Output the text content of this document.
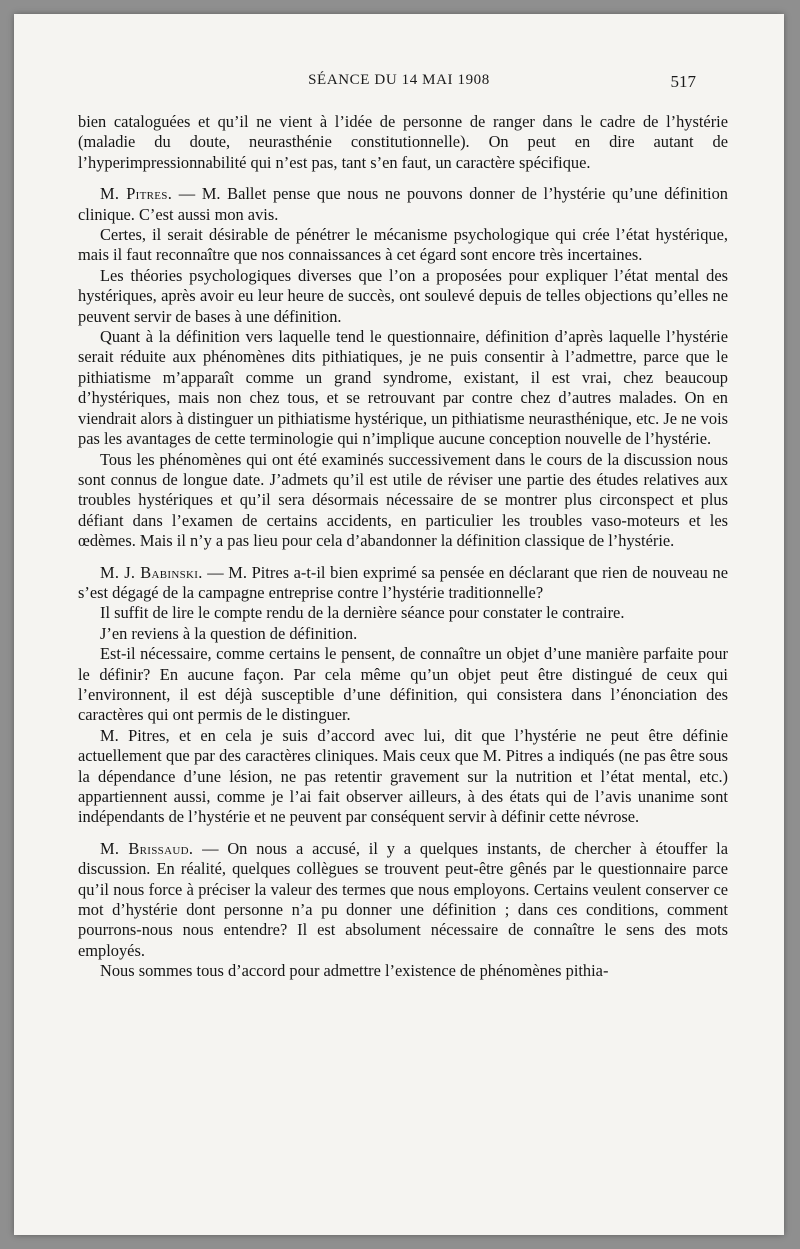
SÉANCE DU 14 MAI 1908	517

bien cataloguées et qu’il ne vient à l’idée de personne de ranger dans le cadre de l’hystérie (maladie du doute, neurasthénie constitutionnelle). On peut en dire autant de l’hyperimpressionnabilité qui n’est pas, tant s’en faut, un caractère spécifique.

M. Pitres. — M. Ballet pense que nous ne pouvons donner de l’hystérie qu’une définition clinique. C’est aussi mon avis.

Certes, il serait désirable de pénétrer le mécanisme psychologique qui crée l’état hystérique, mais il faut reconnaître que nos connaissances à cet égard sont encore très incertaines.

Les théories psychologiques diverses que l’on a proposées pour expliquer l’état mental des hystériques, après avoir eu leur heure de succès, ont soulevé depuis de telles objections qu’elles ne peuvent servir de bases à une définition.

Quant à la définition vers laquelle tend le questionnaire, définition d’après laquelle l’hystérie serait réduite aux phénomènes dits pithiatiques, je ne puis consentir à l’admettre, parce que le pithiatisme m’apparaît comme un grand syndrome, existant, il est vrai, chez beaucoup d’hystériques, mais non chez tous, et se retrouvant par contre chez d’autres malades. On en viendrait alors à distinguer un pithiatisme hystérique, un pithiatisme neurasthénique, etc. Je ne vois pas les avantages de cette terminologie qui n’implique aucune conception nouvelle de l’hystérie.

Tous les phénomènes qui ont été examinés successivement dans le cours de la discussion nous sont connus de longue date. J’admets qu’il est utile de réviser une partie des études relatives aux troubles hystériques et qu’il sera désormais nécessaire de se montrer plus circonspect et plus défiant dans l’examen de certains accidents, en particulier les troubles vaso-moteurs et les œdèmes. Mais il n’y a pas lieu pour cela d’abandonner la définition classique de l’hystérie.

M. J. Babinski. — M. Pitres a-t-il bien exprimé sa pensée en déclarant que rien de nouveau ne s’est dégagé de la campagne entreprise contre l’hystérie traditionnelle?

Il suffit de lire le compte rendu de la dernière séance pour constater le contraire.

J’en reviens à la question de définition.

Est-il nécessaire, comme certains le pensent, de connaître un objet d’une manière parfaite pour le définir? En aucune façon. Par cela même qu’un objet peut être distingué de ceux qui l’environnent, il est déjà susceptible d’une définition, qui consistera dans l’énonciation des caractères qui ont permis de le distinguer.

M. Pitres, et en cela je suis d’accord avec lui, dit que l’hystérie ne peut être définie actuellement que par des caractères cliniques. Mais ceux que M. Pitres a indiqués (ne pas être sous la dépendance d’une lésion, ne pas retentir gravement sur la nutrition et l’état mental, etc.) appartiennent aussi, comme je l’ai fait observer ailleurs, à des états qui de l’avis unanime sont indépendants de l’hystérie et ne peuvent par conséquent servir à définir cette névrose.

M. Brissaud. — On nous a accusé, il y a quelques instants, de chercher à étouffer la discussion. En réalité, quelques collègues se trouvent peut-être gênés par le questionnaire parce qu’il nous force à préciser la valeur des termes que nous employons. Certains veulent conserver ce mot d’hystérie dont personne n’a pu donner une définition ; dans ces conditions, comment pourrons-nous nous entendre? Il est absolument nécessaire de connaître le sens des mots employés.

Nous sommes tous d’accord pour admettre l’existence de phénomènes pithia-
